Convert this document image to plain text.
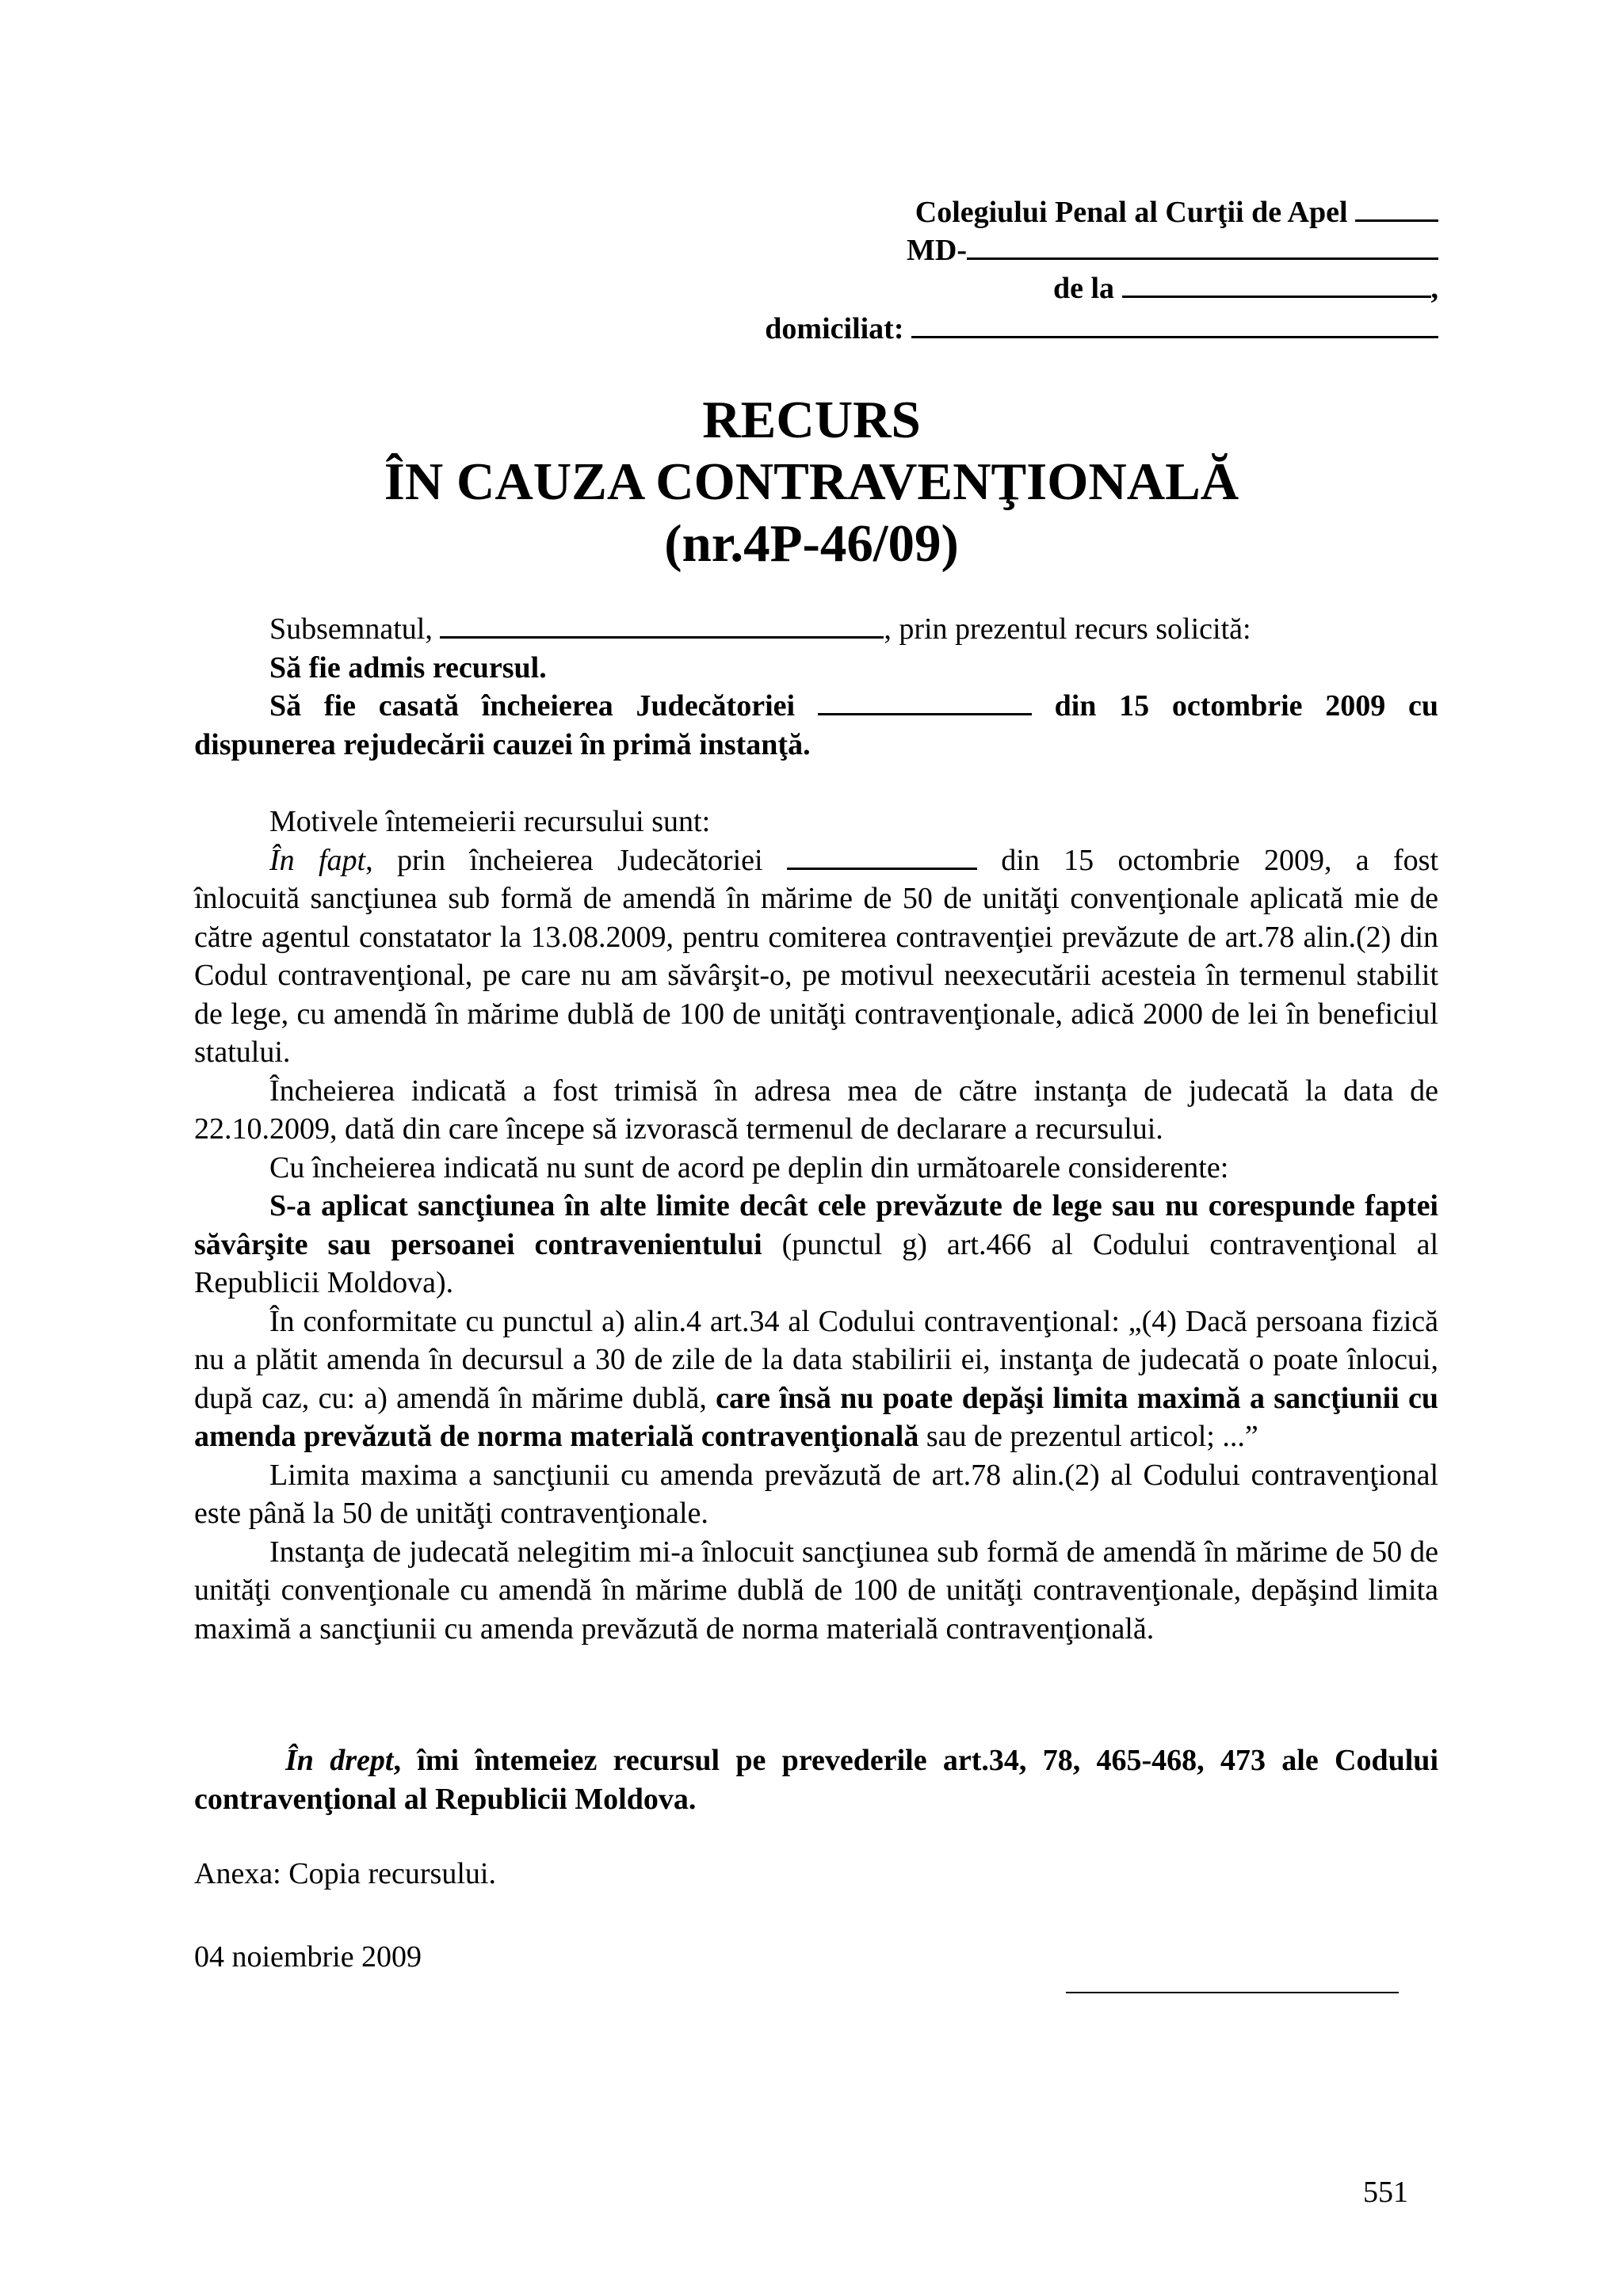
Colegiului Penal al Curţii de Apel
MD-
de la	,
domiciliat:
RECURS
ÎN CAUZA CONTRAVENŢIONALĂ
(nr.4P-46/09)

Subsemnatul,	, prin prezentul recurs solicită:

Să fie admis recursul.

Să fie casată încheierea Judecătoriei	din 15 octombrie 2009 cu

dispunerea rejudecării cauzei în primă instanţă.

Motivele întemeierii recursului sunt:

În fapt, prin încheierea Judecătoriei	din 15 octombrie 2009, a fost

înlocuită sancţiunea sub formă de amendă în mărime de 50 de unităţi convenţionale aplicată mie de către agentul constatator la 13.08.2009, pentru comiterea contravenţiei prevăzute de art.78 alin.(2) din Codul contravenţional, pe care nu am săvârşit-o, pe motivul neexecutării acesteia în termenul stabilit de lege, cu amendă în mărime dublă de 100 de unităţi contravenţionale, adică 2000 de lei în beneficiul statului.

Încheierea indicată a fost trimisă în adresa mea de către instanţa de judecată la data de 22.10.2009, dată din care începe să izvorască termenul de declarare a recursului.

Cu încheierea indicată nu sunt de acord pe deplin din următoarele considerente:

S-a aplicat sancţiunea în alte limite decât cele prevăzute de lege sau nu corespunde faptei săvârşite sau persoanei contravenientului (punctul g) art.466 al Codului contravenţional al Republicii Moldova).

În conformitate cu punctul a) alin.4 art.34 al Codului contravenţional: „(4) Dacă persoana fizică nu a plătit amenda în decursul a 30 de zile de la data stabilirii ei, instanţa de judecată o poate înlocui, după caz, cu: a) amendă în mărime dublă, care însă nu poate depăşi limita maximă a sancţiunii cu amenda prevăzută de norma materială contravenţională sau de prezentul articol; ...”

Limita maxima a sancţiunii cu amenda prevăzută de art.78 alin.(2) al Codului contravenţional este până la 50 de unităţi contravenţionale.

Instanţa de judecată nelegitim mi-a înlocuit sancţiunea sub formă de amendă în mărime de 50 de unităţi convenţionale cu amendă în mărime dublă de 100 de unităţi contravenţionale, depăşind limita maximă a sancţiunii cu amenda prevăzută de norma materială contravenţională.

În drept, îmi întemeiez recursul pe prevederile art.34, 78, 465-468, 473 ale Codului contravenţional al Republicii Moldova.
Anexa: Copia recursului.
04 noiembrie 2009
551
